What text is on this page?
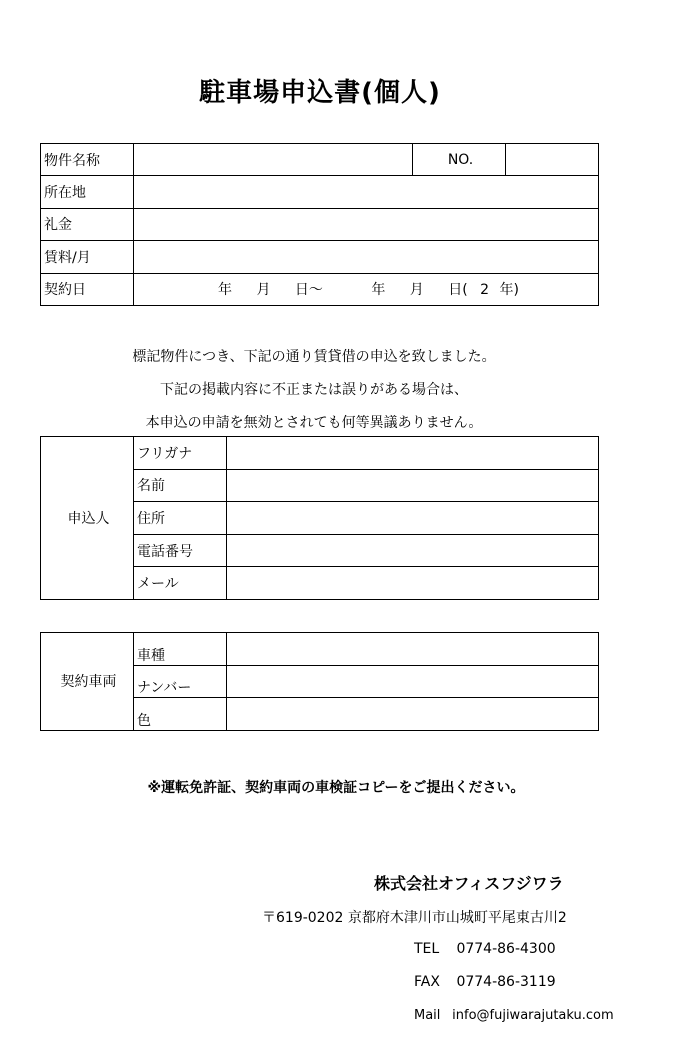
駐車場申込書(個人)
物件名称		NO.	
所在地			
礼金			
賃料/月			
契約日	年 月 日〜 年 月 日( 2 年)		
標記物件につき、下記の通り賃貸借の申込を致しました。
下記の掲載内容に不正または誤りがある場合は、
本申込の申請を無効とされても何等異議ありません。
申込人	フリガナ	
	名前	
	住所	
	電話番号	
	メール	
契約車両	車種	
	ナンバー	
	色	
※運転免許証、契約車両の車検証コピーをご提出ください。
株式会社オフィスフジワラ
〒619-0202 京都府木津川市山城町平尾東古川2
TEL 0774-86-4300
FAX 0774-86-3119
Mail info@fujiwarajutaku.com
